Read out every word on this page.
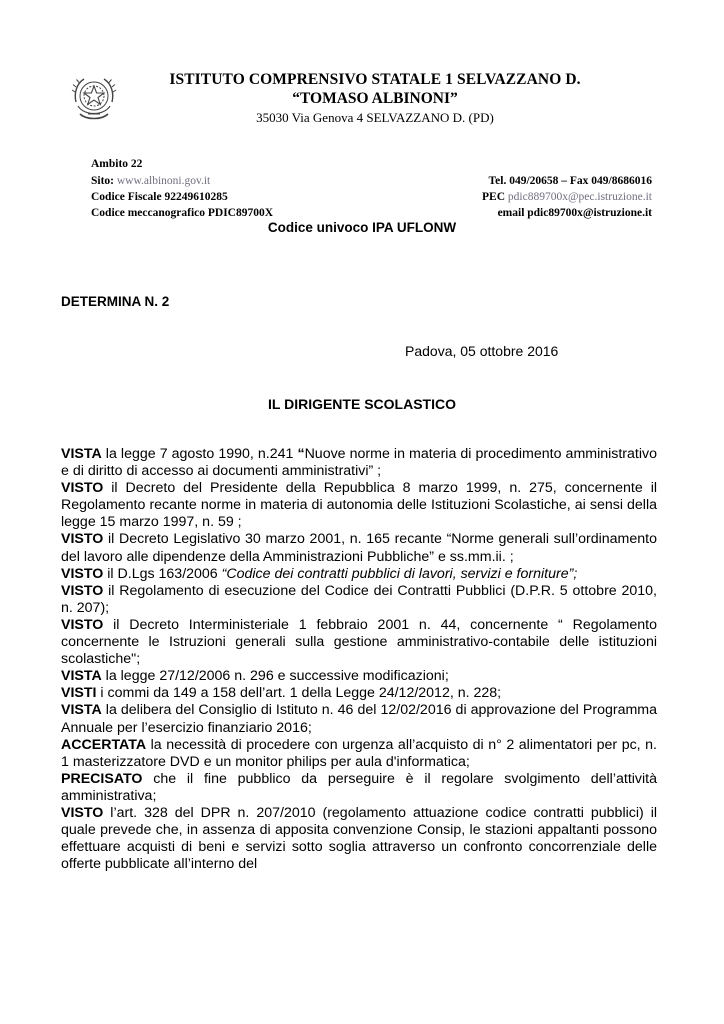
ISTITUTO COMPRENSIVO STATALE 1 SELVAZZANO D.
“TOMASO ALBINONI”
35030 Via Genova 4 SELVAZZANO D. (PD)
Ambito 22
Sito: www.albinoni.gov.it
Codice Fiscale 92249610285
Codice meccanografico PDIC89700X
Tel. 049/20658 – Fax 049/8686016
PEC pdic889700x@pec.istruzione.it
email pdic89700x@istruzione.it
Codice univoco IPA UFLONW
DETERMINA N. 2
Padova, 05 ottobre 2016
IL DIRIGENTE SCOLASTICO

VISTA la legge 7 agosto 1990, n.241 “Nuove norme in materia di procedimento amministrativo e di diritto di accesso ai documenti amministrativi” ;

VISTO il Decreto del Presidente della Repubblica 8 marzo 1999, n. 275, concernente il Regolamento recante norme in materia di autonomia delle Istituzioni Scolastiche, ai sensi della legge 15 marzo 1997, n. 59 ;

VISTO il Decreto Legislativo 30 marzo 2001, n. 165 recante “Norme generali sull’ordinamento del lavoro alle dipendenze della Amministrazioni Pubbliche” e ss.mm.ii. ;

VISTO il D.Lgs 163/2006 “Codice dei contratti pubblici di lavori, servizi e forniture”;

VISTO il Regolamento di esecuzione del Codice dei Contratti Pubblici (D.P.R. 5 ottobre 2010, n. 207);

VISTO il Decreto Interministeriale 1 febbraio 2001 n. 44, concernente “ Regolamento concernente le Istruzioni generali sulla gestione amministrativo-contabile delle istituzioni scolastiche";

VISTA la legge 27/12/2006 n. 296 e successive modificazioni;

VISTI i commi da 149 a 158 dell’art. 1 della Legge 24/12/2012, n. 228;

VISTA la delibera del Consiglio di Istituto n. 46 del 12/02/2016 di approvazione del Programma Annuale per l’esercizio finanziario 2016;

ACCERTATA la necessità di procedere con urgenza all’acquisto di n° 2 alimentatori per pc, n. 1 masterizzatore DVD e un monitor philips per aula d'informatica;

PRECISATO che il fine pubblico da perseguire è il regolare svolgimento dell’attività amministrativa;

VISTO l’art. 328 del DPR n. 207/2010 (regolamento attuazione codice contratti pubblici) il quale prevede che, in assenza di apposita convenzione Consip, le stazioni appaltanti possono effettuare acquisti di beni e servizi sotto soglia attraverso un confronto concorrenziale delle offerte pubblicate all’interno del
